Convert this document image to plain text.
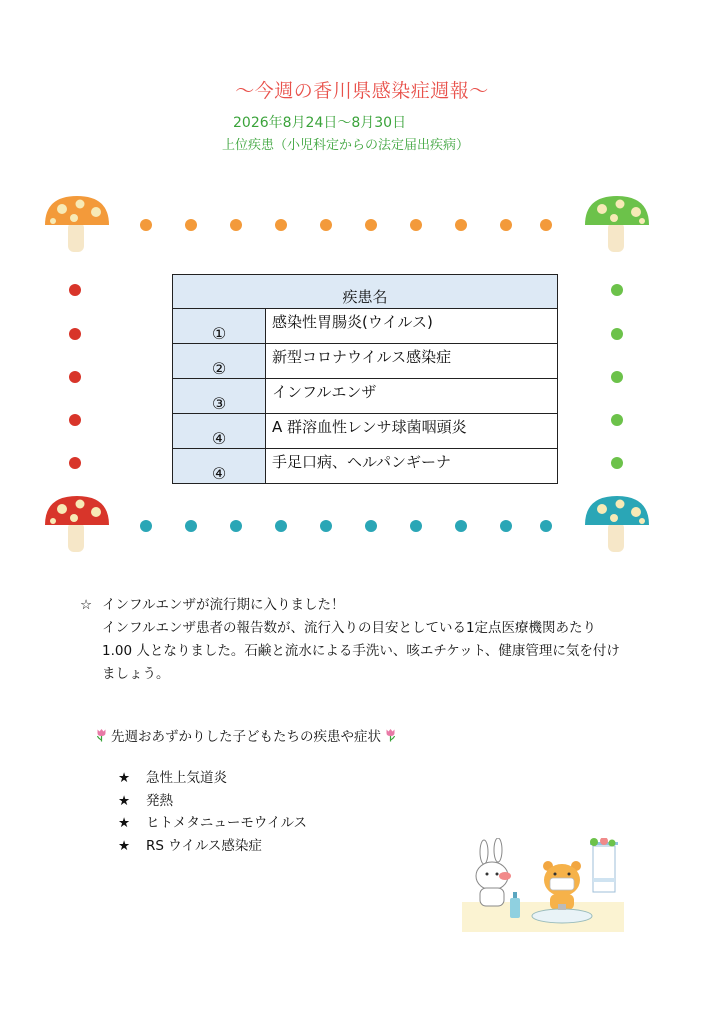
～今週の香川県感染症週報～
2026年8月24日～8月30日
上位疾患（小児科定からの法定届出疾病）
疾患名	
①	感染性胃腸炎(ウイルス)
②	新型コロナウイルス感染症
③	インフルエンザ
④	A 群溶血性レンサ球菌咽頭炎
④	手足口病、ヘルパンギーナ
☆ インフルエンザが流行期に入りました！
インフルエンザ患者の報告数が、流行入りの目安としている1定点医療機関あたり
1.00 人となりました。石鹸と流水による手洗い、咳エチケット、健康管理に気を付け
ましょう。
先週おあずかりした子どもたちの疾患や症状
★	急性上気道炎
★	発熱
★	ヒトメタニューモウイルス
★	RS ウイルス感染症
